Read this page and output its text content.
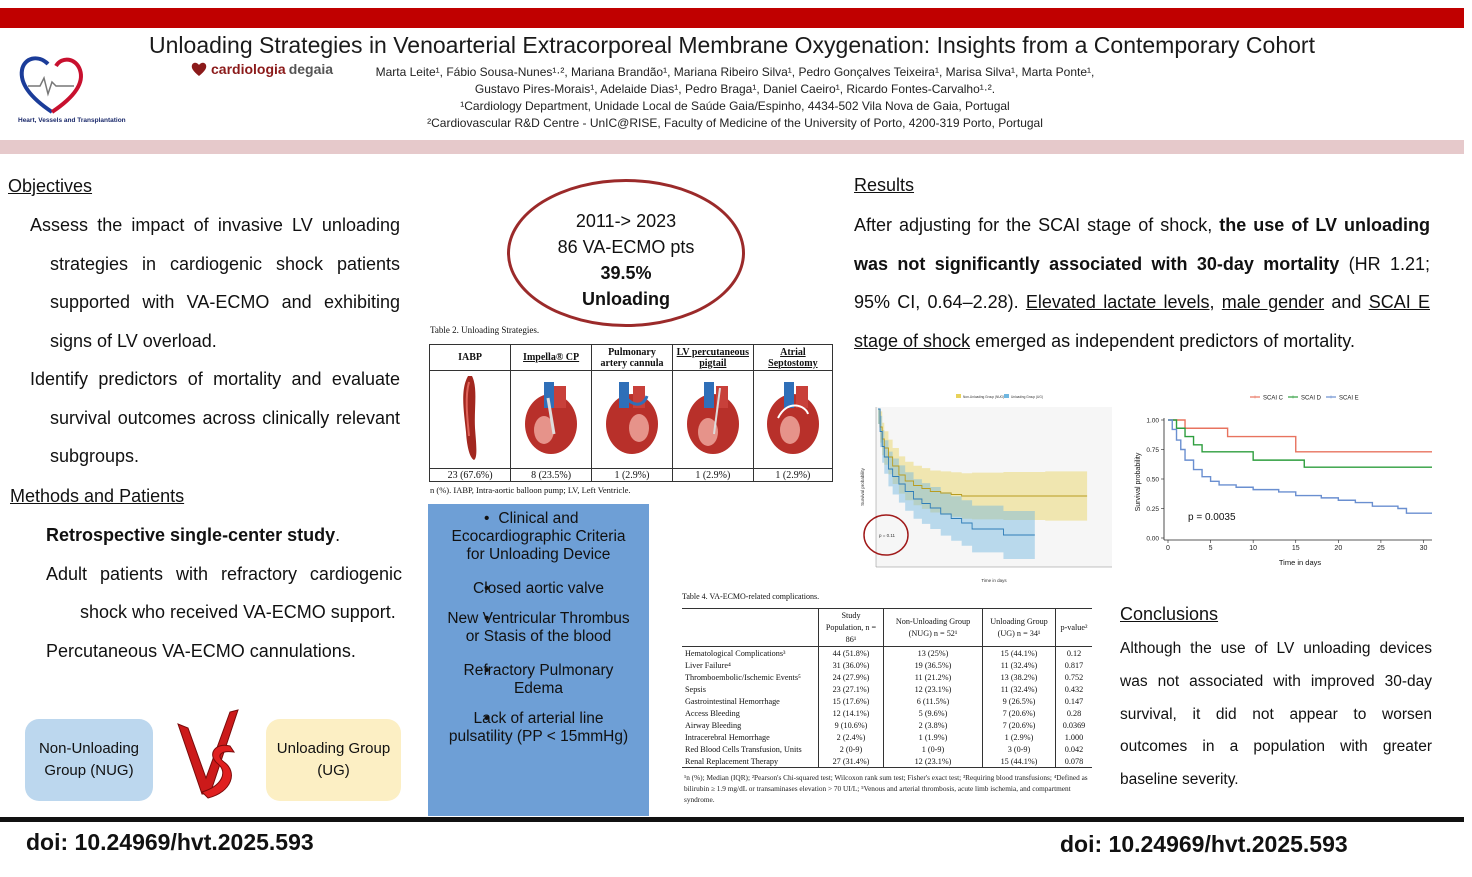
Heart, Vessels and Transplantation
cardiologia degaia
Unloading Strategies in Venoarterial Extracorporeal Membrane Oxygenation: Insights from a Contemporary Cohort
Marta Leite¹, Fábio Sousa-Nunes¹·², Mariana Brandão¹, Mariana Ribeiro Silva¹, Pedro Gonçalves Teixeira¹, Marisa Silva¹, Marta Ponte¹,
Gustavo Pires-Morais¹, Adelaide Dias¹, Pedro Braga¹, Daniel Caeiro¹, Ricardo Fontes-Carvalho¹·².
¹Cardiology Department, Unidade Local de Saúde Gaia/Espinho, 4434-502 Vila Nova de Gaia, Portugal
²Cardiovascular R&D Centre - UnIC@RISE, Faculty of Medicine of the University of Porto, 4200-319 Porto, Portugal
Objectives
• Assess the impact of invasive LV unloading strategies in cardiogenic shock patients supported with VA-ECMO and exhibiting signs of LV overload.
• Identify predictors of mortality and evaluate survival outcomes across clinically relevant subgroups.
Methods and Patients
• Retrospective single-center study.
• Adult patients with refractory cardiogenic shock who received VA-ECMO support.
• Percutaneous VA-ECMO cannulations.
Non-Unloading Group (NUG)
Unloading Group (UG)
2011-> 2023
86 VA-ECMO pts
39.5%
Unloading
Table 2. Unloading Strategies.
IABP	Impella® CP	Pulmonary artery cannula	LV percutaneous pigtail	Atrial Septostomy

23 (67.6%)	8 (23.5%)	1 (2.9%)	1 (2.9%)	1 (2.9%)
n (%). IABP, Intra-aortic balloon pump; LV, Left Ventricle.
• Clinical and Ecocardiographic Criteria for Unloading Device
• Closed aortic valve
• New Ventricular Thrombus or Stasis of the blood
• Refractory Pulmonary Edema
• Lack of arterial line pulsatility (PP < 15mmHg)
Results
After adjusting for the SCAI stage of shock, the use of LV unloading was not significantly associated with 30-day mortality (HR 1.21; 95% CI, 0.64–2.28). Elevated lactate levels, male gender and SCAI E stage of shock emerged as independent predictors of mortality.
Non-Unloading Group (NUG) Unloading Group (UG)
p = 0.11
Time in days
Survival probability
+ SCAI C + SCAI D + SCAI E
0	5	10	15	20	25	30
0.00
0.25
0.50
0.75
1.00
p = 0.0035
Time in days
Survival probability
Table 4. VA-ECMO-related complications.
	Study Population, n = 86¹	Non-Unloading Group (NUG) n = 52¹	Unloading Group (UG) n = 34¹	p-value²
Hematological Complications³	44 (51.8%)	13 (25%)	15 (44.1%)	0.12
Liver Failure⁴	31 (36.0%)	19 (36.5%)	11 (32.4%)	0.817
Thromboembolic/Ischemic Events⁵	24 (27.9%)	11 (21.2%)	13 (38.2%)	0.752
Sepsis	23 (27.1%)	12 (23.1%)	11 (32.4%)	0.432
Gastrointestinal Hemorrhage	15 (17.6%)	6 (11.5%)	9 (26.5%)	0.147
Access Bleeding	12 (14.1%)	5 (9.6%)	7 (20.6%)	0.28
Airway Bleeding	9 (10.6%)	2 (3.8%)	7 (20.6%)	0.0369
Intracerebral Hemorrhage	2 (2.4%)	1 (1.9%)	1 (2.9%)	1.000
Red Blood Cells Transfusion, Units	2 (0-9)	1 (0-9)	3 (0-9)	0.042
Renal Replacement Therapy	27 (31.4%)	12 (23.1%)	15 (44.1%)	0.078
¹n (%); Median (IQR); ²Pearson's Chi-squared test; Wilcoxon rank sum test; Fisher's exact test; ³Requiring blood transfusions; ⁴Defined as bilirubin ≥ 1.9 mg/dL or transaminases elevation > 70 UI/L; ⁵Venous and arterial thrombosis, acute limb ischemia, and compartment syndrome.
Conclusions
Although the use of LV unloading devices was not associated with improved 30-day survival, it did not appear to worsen outcomes in a population with greater baseline severity.
doi: 10.24969/hvt.2025.593	doi: 10.24969/hvt.2025.593
